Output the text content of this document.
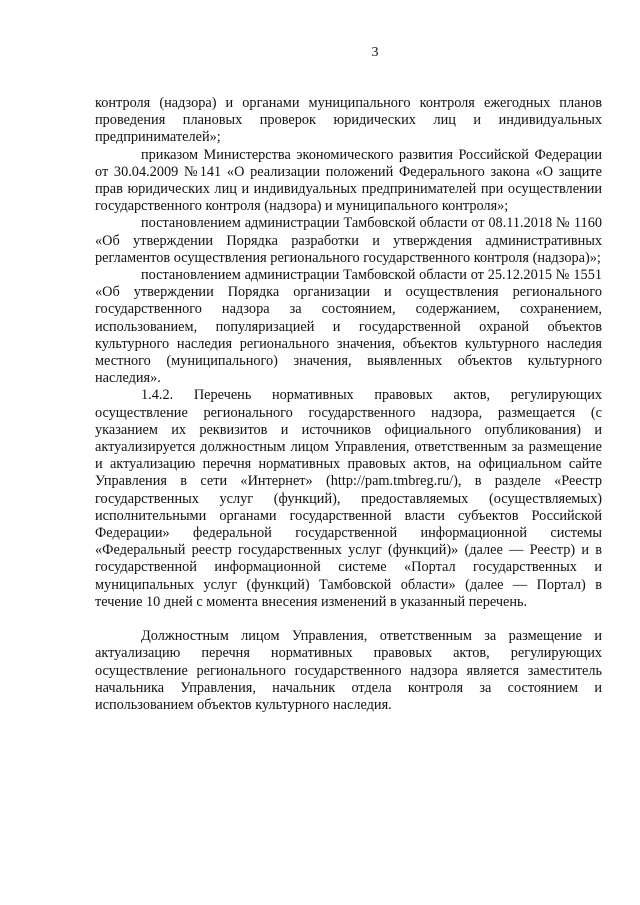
3

контроля (надзора) и органами муниципального контроля ежегодных планов проведения плановых проверок юридических лиц и индивидуальных предпринимателей»;

приказом Министерства экономического развития Российской Федерации от 30.04.2009 №141 «О реализации положений Федерального закона «О защите прав юридических лиц и индивидуальных предпринимателей при осуществлении государственного контроля (надзора) и муниципального контроля»;

постановлением администрации Тамбовской области от 08.11.2018 № 1160 «Об утверждении Порядка разработки и утверждения административных регламентов осуществления регионального государственного контроля (надзора)»;

постановлением администрации Тамбовской области от 25.12.2015 № 1551 «Об утверждении Порядка организации и осуществления регионального государственного надзора за состоянием, содержанием, сохранением, использованием, популяризацией и государственной охраной объектов культурного наследия регионального значения, объектов культурного наследия местного (муниципального) значения, выявленных объектов культурного наследия».

1.4.2. Перечень нормативных правовых актов, регулирующих осуществление регионального государственного надзора, размещается (с указанием их реквизитов и источников официального опубликования) и актуализируется должностным лицом Управления, ответственным за размещение и актуализацию перечня нормативных правовых актов, на официальном сайте Управления в сети «Интернет» (http://pam.tmbreg.ru/), в разделе «Реестр государственных услуг (функций), предоставляемых (осуществляемых) исполнительными органами государственной власти субъектов Российской Федерации» федеральной государственной информационной системы «Федеральный реестр государственных услуг (функций)» (далее — Реестр) и в государственной информационной системе «Портал государственных и муниципальных услуг (функций) Тамбовской области» (далее — Портал) в течение 10 дней с момента внесения изменений в указанный перечень.

Должностным лицом Управления, ответственным за размещение и актуализацию перечня нормативных правовых актов, регулирующих осуществление регионального государственного надзора является заместитель начальника Управления, начальник отдела контроля за состоянием и использованием объектов культурного наследия.
